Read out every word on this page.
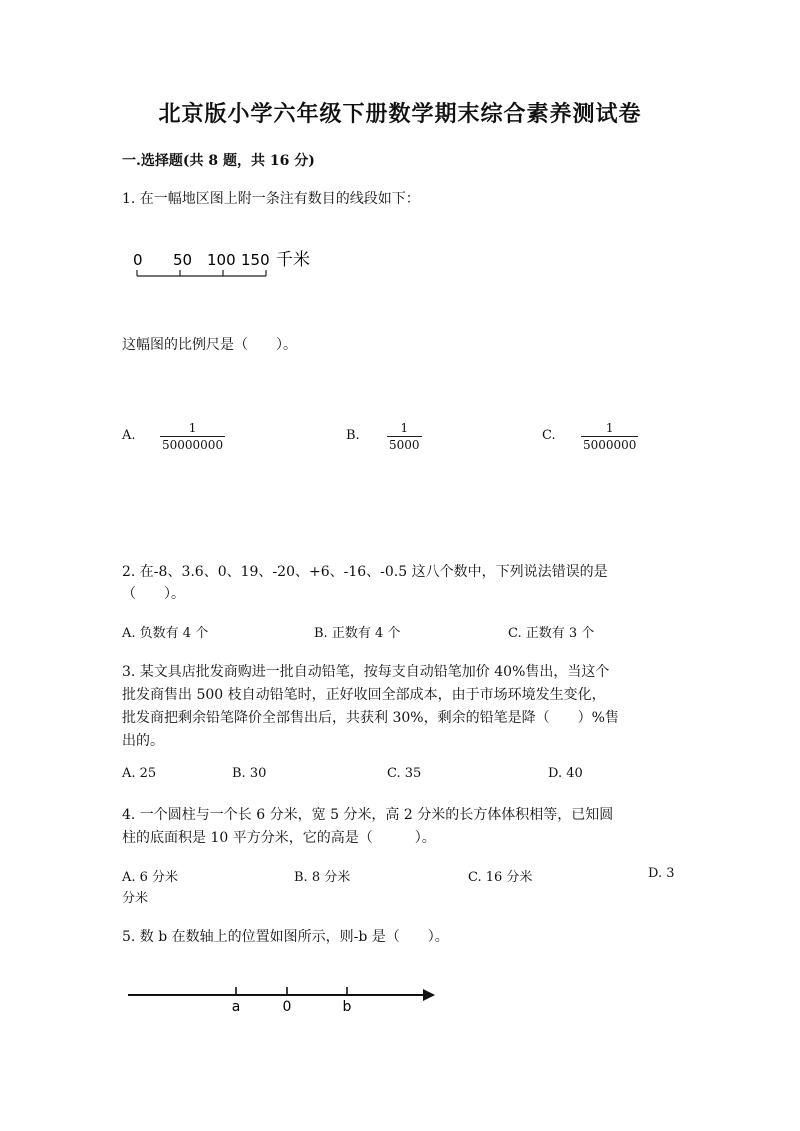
北京版小学六年级下册数学期末综合素养测试卷
一.选择题(共 8 题，共 16 分)
1. 在一幅地区图上附一条注有数目的线段如下：
0 50 100 150 千米
这幅图的比例尺是（　　）。
A.	1
50000000
B.	1
5000
C.	1
5000000
2. 在-8、3.6、0、19、-20、+6、-16、-0.5 这八个数中，下列说法错误的是
（　　）。
A. 负数有 4 个	B. 正数有 4 个	C. 正数有 3 个
3. 某文具店批发商购进一批自动铅笔，按每支自动铅笔加价 40%售出，当这个
批发商售出 500 枝自动铅笔时，正好收回全部成本，由于市场环境发生变化，
批发商把剩余铅笔降价全部售出后，共获利 30%，剩余的铅笔是降（　　）%售
出的。
A. 25	B. 30	C. 35	D. 40
4. 一个圆柱与一个长 6 分米，宽 5 分米，高 2 分米的长方体体积相等，已知圆
柱的底面积是 10 平方分米，它的高是（　　　）。
A. 6 分米	B. 8 分米	C. 16 分米	D. 3
分米
5. 数 b 在数轴上的位置如图所示，则-b 是（　　）。
a	0	b
